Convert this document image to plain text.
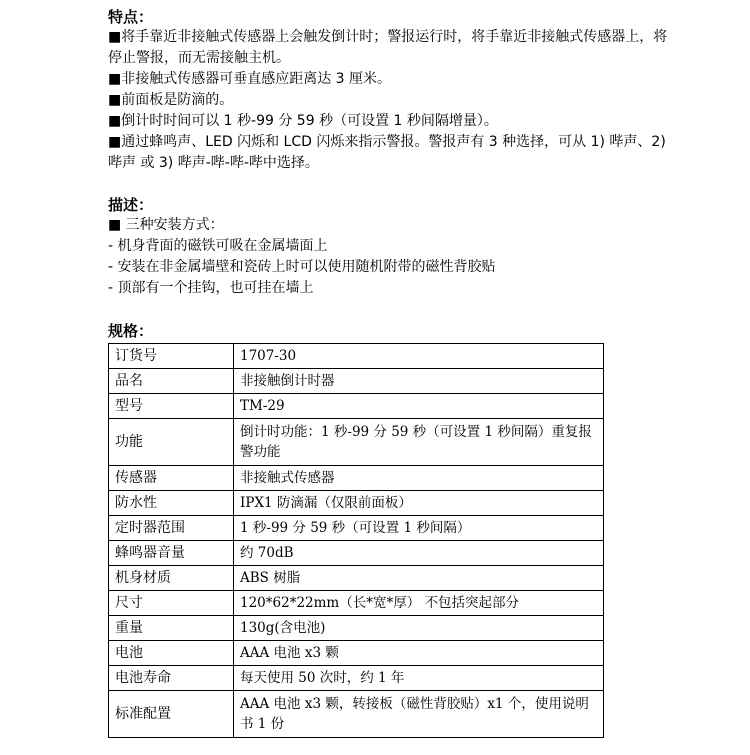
特点：
■将手靠近非接触式传感器上会触发倒计时；警报运行时，将手靠近非接触式传感器上，将停止警报，而无需接触主机。
■非接触式传感器可垂直感应距离达 3 厘米。
■前面板是防滴的。
■倒计时时间可以 1 秒-99 分 59 秒（可设置 1 秒间隔增量）。
■通过蜂鸣声、LED 闪烁和 LCD 闪烁来指示警报。警报声有 3 种选择，可从 1) 哔声、2) 哔声 或 3) 哔声-哔-哔-哔中选择。
描述：
■ 三种安装方式：
- 机身背面的磁铁可吸在金属墙面上
- 安装在非金属墙壁和瓷砖上时可以使用随机附带的磁性背胶贴
- 顶部有一个挂钩，也可挂在墙上
规格：
订货号	1707-30
品名	非接触倒计时器
型号	TM-29
功能	倒计时功能：1 秒-99 分 59 秒（可设置 1 秒间隔）重复报警功能
传感器	非接触式传感器
防水性	IPX1 防滴漏（仅限前面板）
定时器范围	1 秒-99 分 59 秒（可设置 1 秒间隔）
蜂鸣器音量	约 70dB
机身材质	ABS 树脂
尺寸	120*62*22mm（长*宽*厚） 不包括突起部分
重量	130g(含电池)
电池	AAA 电池 x3 颗
电池寿命	每天使用 50 次时，约 1 年
标准配置	AAA 电池 x3 颗，转接板（磁性背胶贴）x1 个，使用说明书 1 份
